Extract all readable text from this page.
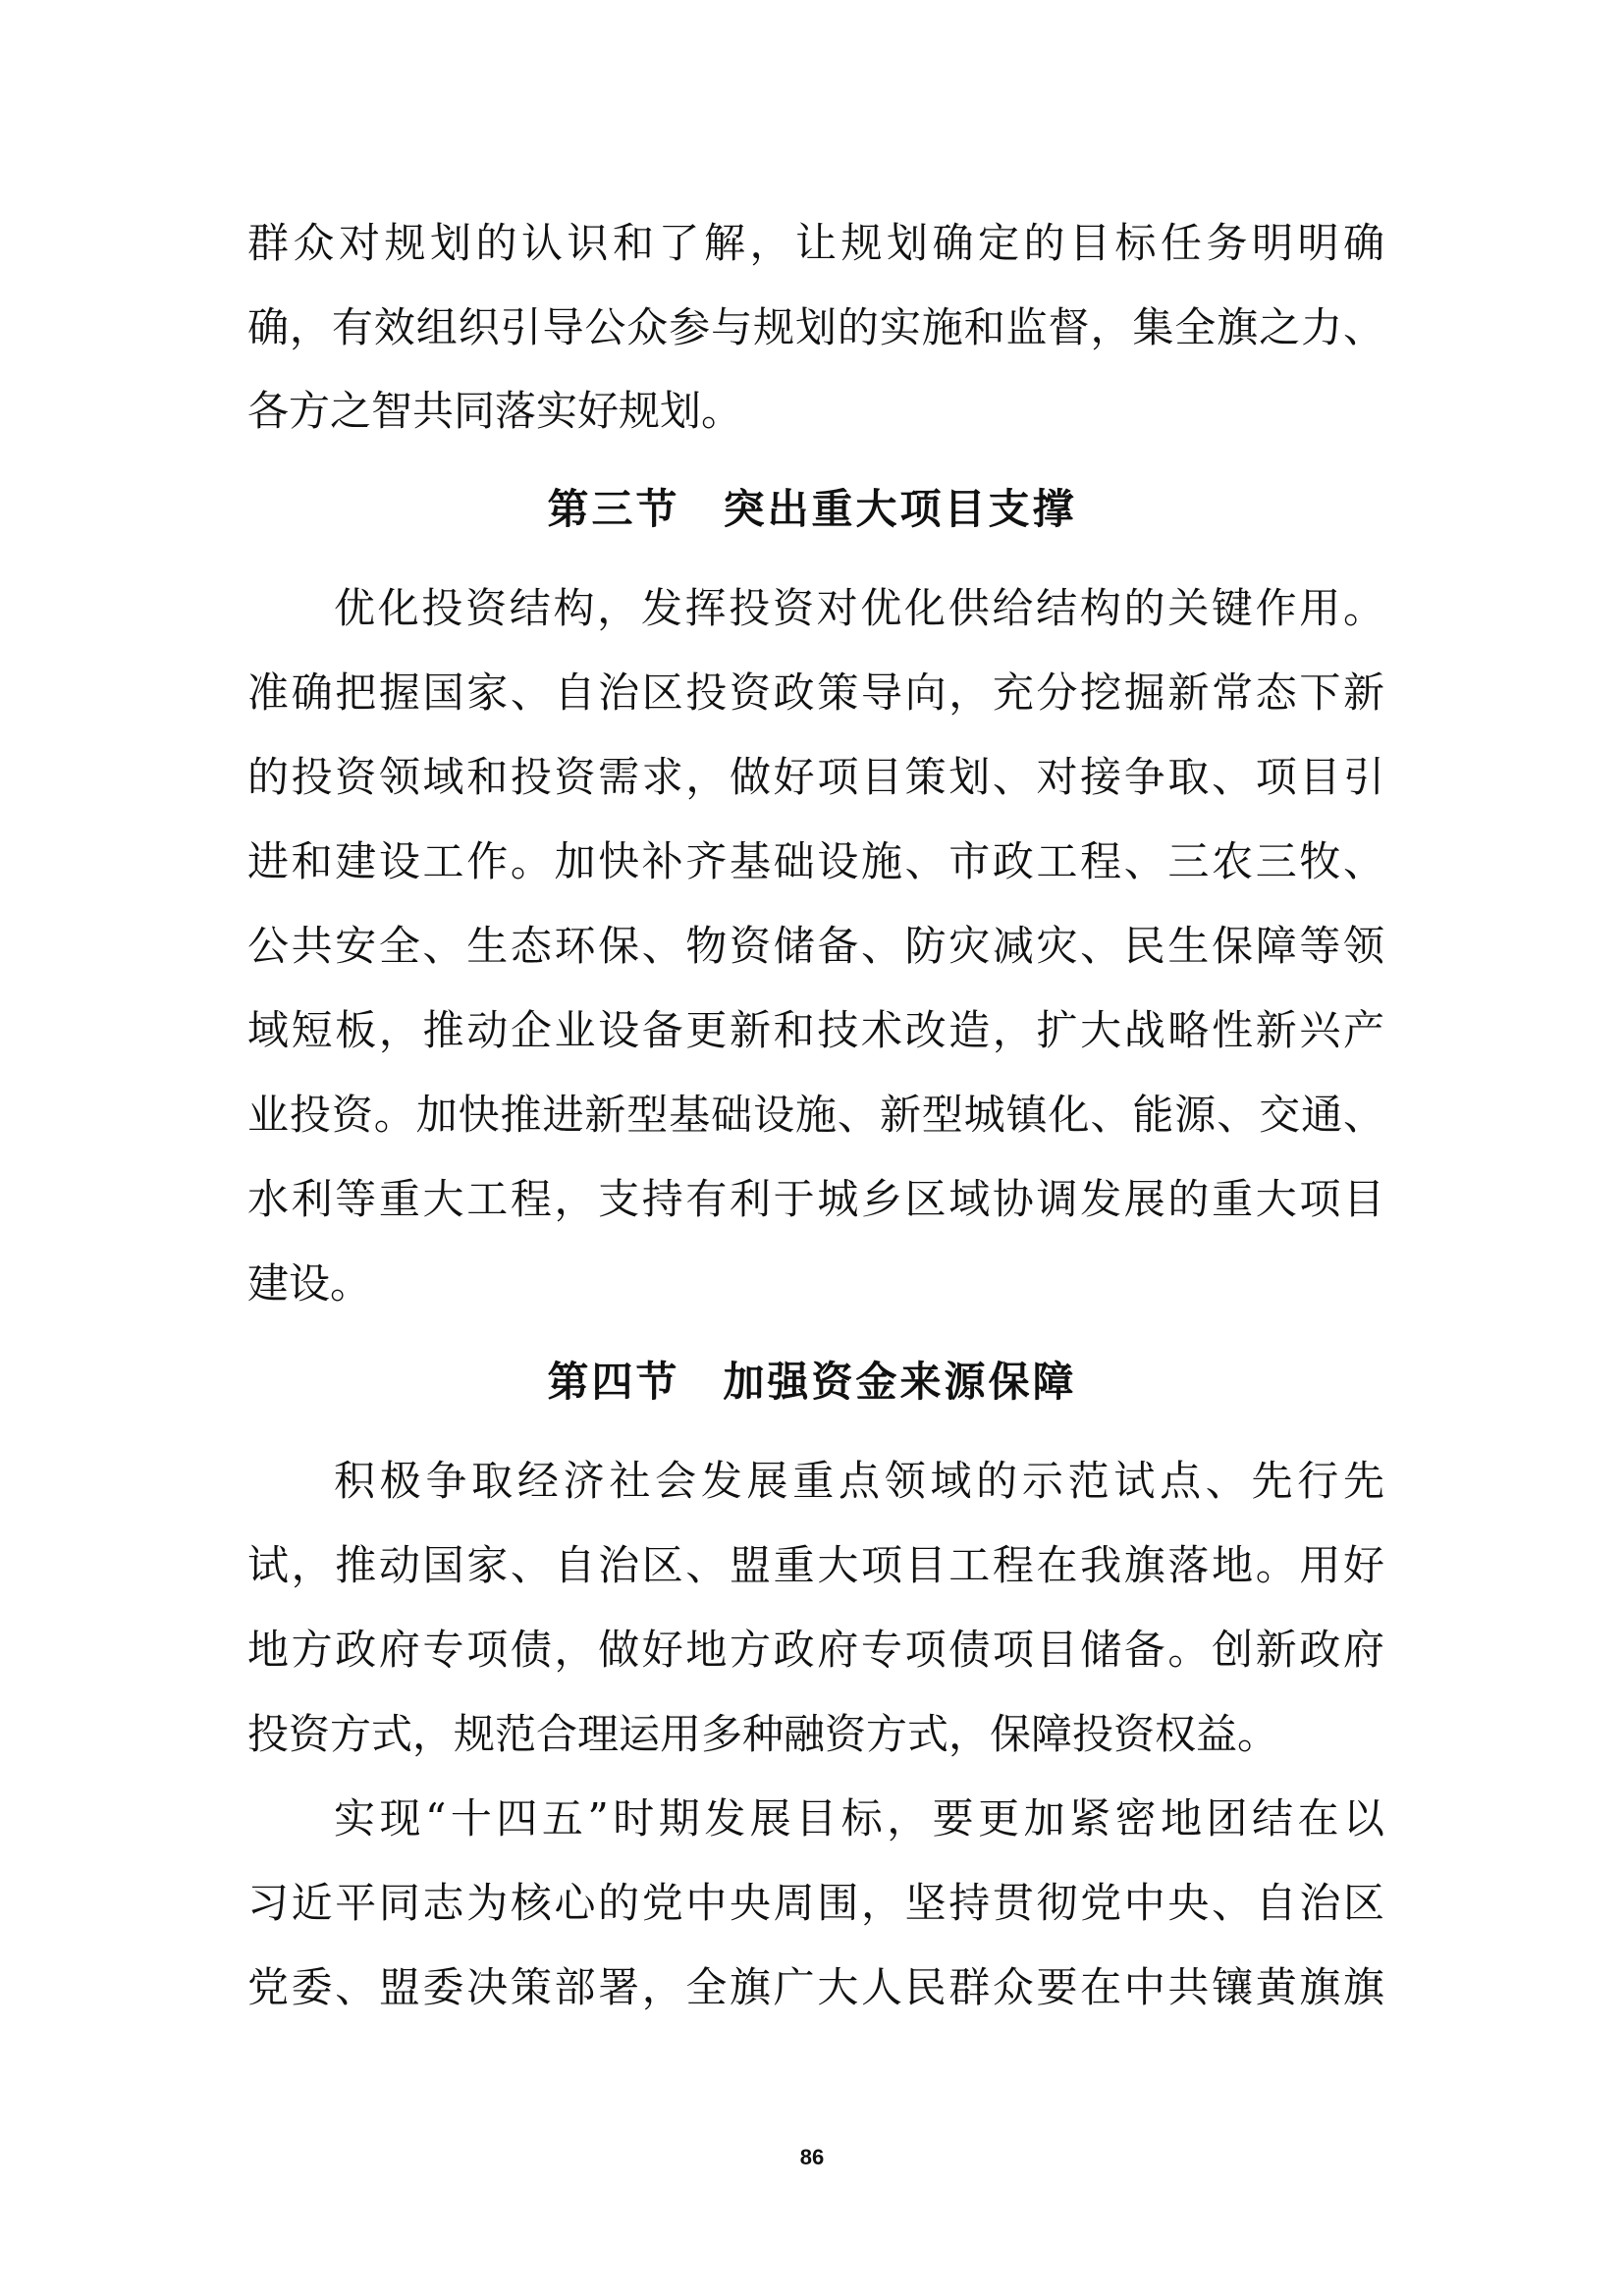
群众对规划的认识和了解，让规划确定的目标任务明明确
确，有效组织引导公众参与规划的实施和监督，集全旗之力、
各方之智共同落实好规划。
第三节 突出重大项目支撑
优化投资结构，发挥投资对优化供给结构的关键作用。
准确把握国家、自治区投资政策导向，充分挖掘新常态下新
的投资领域和投资需求，做好项目策划、对接争取、项目引
进和建设工作。加快补齐基础设施、市政工程、三农三牧、
公共安全、生态环保、物资储备、防灾减灾、民生保障等领
域短板，推动企业设备更新和技术改造，扩大战略性新兴产
业投资。加快推进新型基础设施、新型城镇化、能源、交通、
水利等重大工程，支持有利于城乡区域协调发展的重大项目
建设。
第四节 加强资金来源保障
积极争取经济社会发展重点领域的示范试点、先行先
试，推动国家、自治区、盟重大项目工程在我旗落地。用好
地方政府专项债，做好地方政府专项债项目储备。创新政府
投资方式，规范合理运用多种融资方式，保障投资权益。
实现“十四五”时期发展目标，要更加紧密地团结在以
习近平同志为核心的党中央周围，坚持贯彻党中央、自治区
党委、盟委决策部署，全旗广大人民群众要在中共镶黄旗旗
86
